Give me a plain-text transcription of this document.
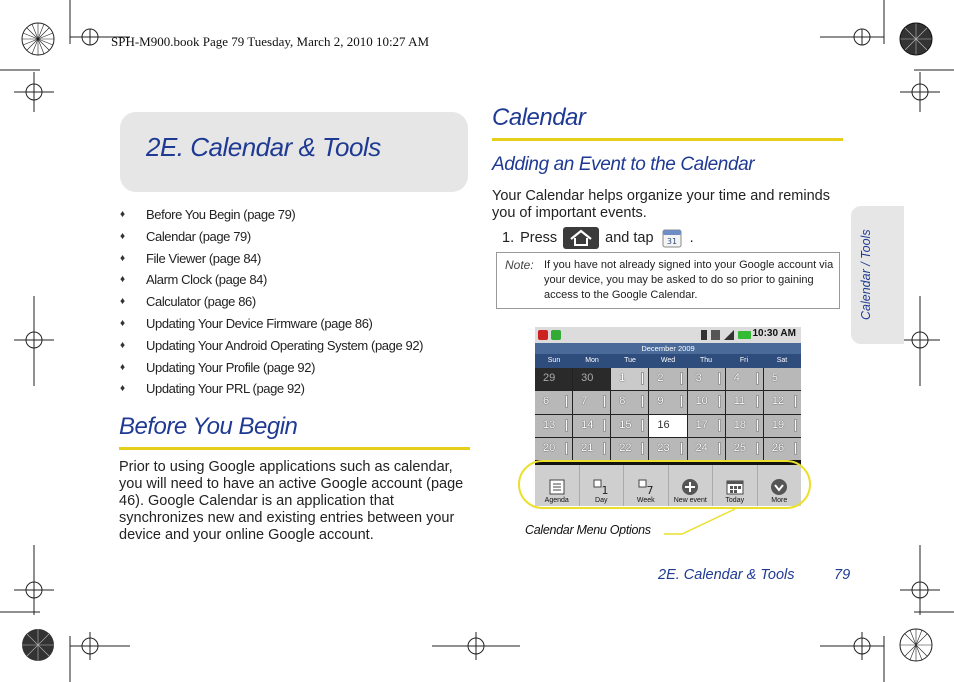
SPH-M900.book Page 79 Tuesday, March 2, 2010 10:27 AM
2E. Calendar & Tools
♦ Before You Begin (page 79)
♦ Calendar (page 79)
♦ File Viewer (page 84)
♦ Alarm Clock (page 84)
♦ Calculator (page 86)
♦ Updating Your Device Firmware (page 86)
♦ Updating Your Android Operating System (page 92)
♦ Updating Your Profile (page 92)
♦ Updating Your PRL (page 92)
Before You Begin
Prior to using Google applications such as calendar, you will need to have an active Google account (page 46). Google Calendar is an application that synchronizes new and existing entries between your device and your online Google account.
Calendar
Adding an Event to the Calendar
Your Calendar helps organize your time and reminds you of important events.
1. Press	and tap 31 .
Note: If you have not already signed into your Google account via your device, you may be asked to do so prior to gaining access to the Google Calendar.
10:30 AM
December 2009
Sun	Mon	Tue	Wed	Thu	Fri	Sat
29	30	1	2	3	4	5
6	7	8	9	10	11	12
13	14	15	16	17	18	19
20	21	22	23	24	25	26
Agenda
1
Day
7
Week	New event	Today	More
Calendar Menu Options
Calendar / Tools
2E. Calendar & Tools	79
